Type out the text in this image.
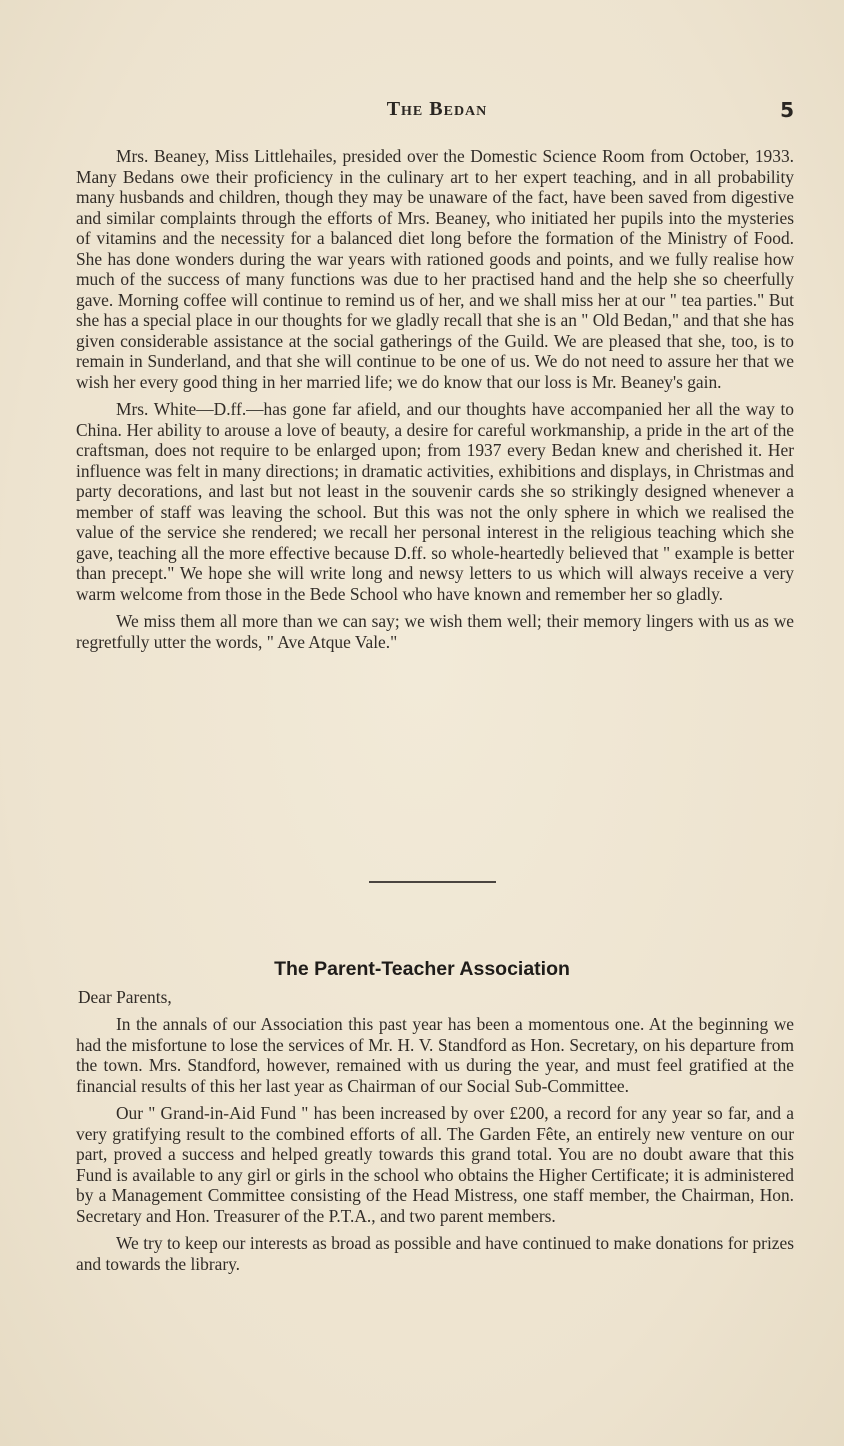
The Bedan	5

Mrs. Beaney, Miss Littlehailes, presided over the Domestic Science Room from October, 1933. Many Bedans owe their proficiency in the culinary art to her expert teaching, and in all probability many husbands and children, though they may be unaware of the fact, have been saved from digestive and similar complaints through the efforts of Mrs. Beaney, who initiated her pupils into the mysteries of vitamins and the necessity for a balanced diet long before the formation of the Ministry of Food. She has done wonders during the war years with rationed goods and points, and we fully realise how much of the success of many functions was due to her practised hand and the help she so cheerfully gave. Morning coffee will continue to remind us of her, and we shall miss her at our " tea parties." But she has a special place in our thoughts for we gladly recall that she is an " Old Bedan," and that she has given considerable assistance at the social gatherings of the Guild. We are pleased that she, too, is to remain in Sunderland, and that she will continue to be one of us. We do not need to assure her that we wish her every good thing in her married life; we do know that our loss is Mr. Beaney's gain.

Mrs. White—D.ff.—has gone far afield, and our thoughts have accompanied her all the way to China. Her ability to arouse a love of beauty, a desire for careful workmanship, a pride in the art of the craftsman, does not require to be enlarged upon; from 1937 every Bedan knew and cherished it. Her influence was felt in many directions; in dramatic activities, exhibitions and displays, in Christmas and party decorations, and last but not least in the souvenir cards she so strikingly designed whenever a member of staff was leaving the school. But this was not the only sphere in which we realised the value of the service she rendered; we recall her personal interest in the religious teaching which she gave, teaching all the more effective because D.ff. so whole-heartedly believed that " example is better than precept." We hope she will write long and newsy letters to us which will always receive a very warm welcome from those in the Bede School who have known and remember her so gladly.

We miss them all more than we can say; we wish them well; their memory lingers with us as we regretfully utter the words, " Ave Atque Vale."

The Parent-Teacher Association
Dear Parents,

In the annals of our Association this past year has been a momentous one. At the beginning we had the misfortune to lose the services of Mr. H. V. Standford as Hon. Secretary, on his departure from the town. Mrs. Standford, however, remained with us during the year, and must feel gratified at the financial results of this her last year as Chairman of our Social Sub-Committee.

Our " Grand-in-Aid Fund " has been increased by over £200, a record for any year so far, and a very gratifying result to the combined efforts of all. The Garden Fête, an entirely new venture on our part, proved a success and helped greatly towards this grand total. You are no doubt aware that this Fund is available to any girl or girls in the school who obtains the Higher Certificate; it is administered by a Management Committee consisting of the Head Mistress, one staff member, the Chairman, Hon. Secretary and Hon. Treasurer of the P.T.A., and two parent members.

We try to keep our interests as broad as possible and have continued to make donations for prizes and towards the library.
